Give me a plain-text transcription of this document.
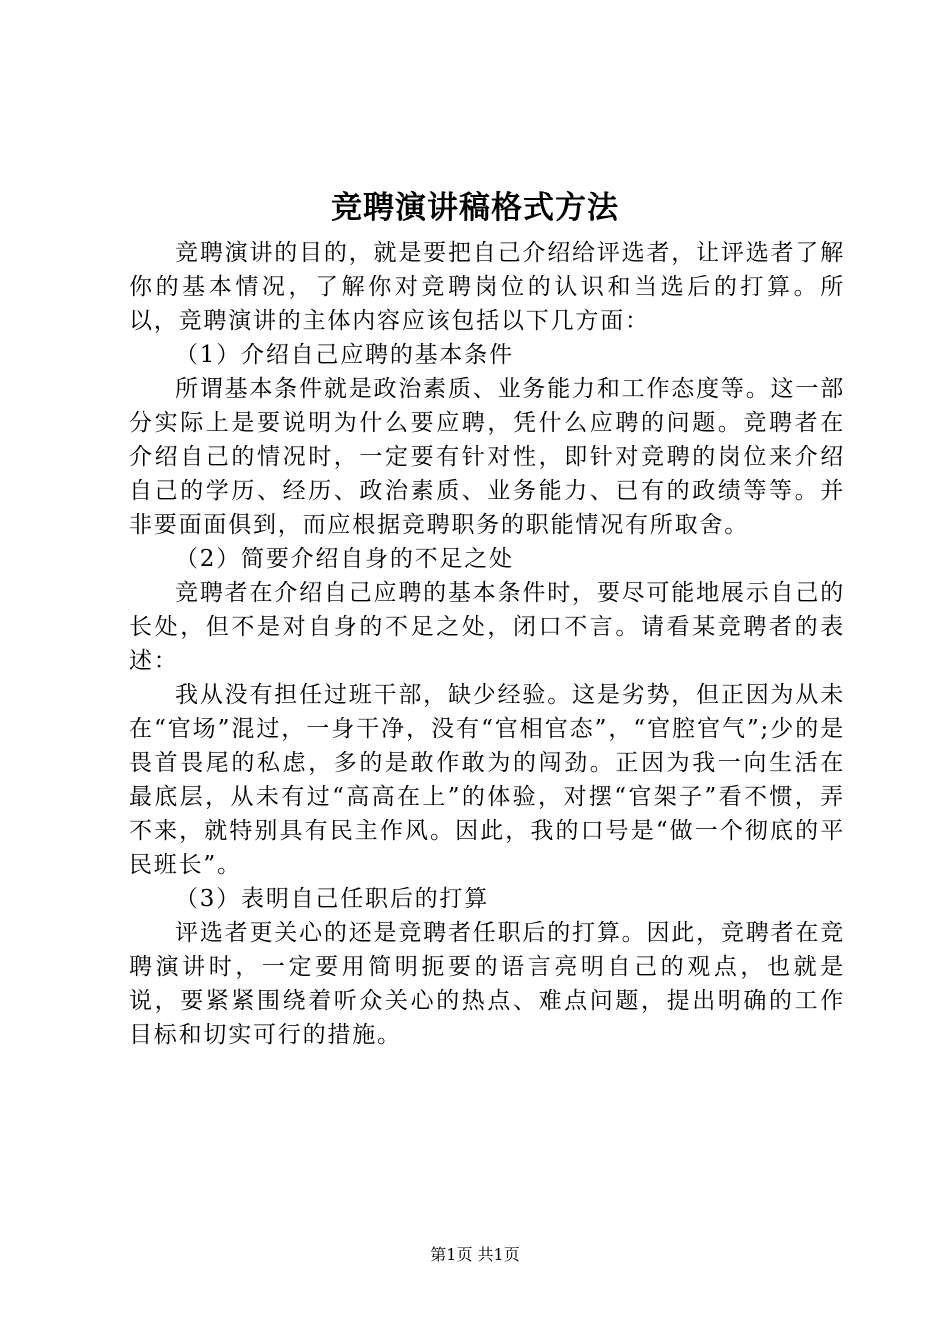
竞聘演讲稿格式方法

竞聘演讲的目的，就是要把自己介绍给评选者，让评选者了解你的基本情况，了解你对竞聘岗位的认识和当选后的打算。所以，竞聘演讲的主体内容应该包括以下几方面：

（1）介绍自己应聘的基本条件

所谓基本条件就是政治素质、业务能力和工作态度等。这一部分实际上是要说明为什么要应聘，凭什么应聘的问题。竞聘者在介绍自己的情况时，一定要有针对性，即针对竞聘的岗位来介绍自己的学历、经历、政治素质、业务能力、已有的政绩等等。并非要面面俱到，而应根据竞聘职务的职能情况有所取舍。

（2）简要介绍自身的不足之处

竞聘者在介绍自己应聘的基本条件时，要尽可能地展示自己的长处，但不是对自身的不足之处，闭口不言。请看某竞聘者的表述：

我从没有担任过班干部，缺少经验。这是劣势，但正因为从未在“官场”混过，一身干净，没有“官相官态”，“官腔官气”;少的是畏首畏尾的私虑，多的是敢作敢为的闯劲。正因为我一向生活在最底层，从未有过“高高在上”的体验，对摆“官架子”看不惯，弄不来，就特别具有民主作风。因此，我的口号是“做一个彻底的平民班长”。

（3）表明自己任职后的打算

评选者更关心的还是竞聘者任职后的打算。因此，竞聘者在竞聘演讲时，一定要用简明扼要的语言亮明自己的观点，也就是说，要紧紧围绕着听众关心的热点、难点问题，提出明确的工作目标和切实可行的措施。

第1页 共1页
